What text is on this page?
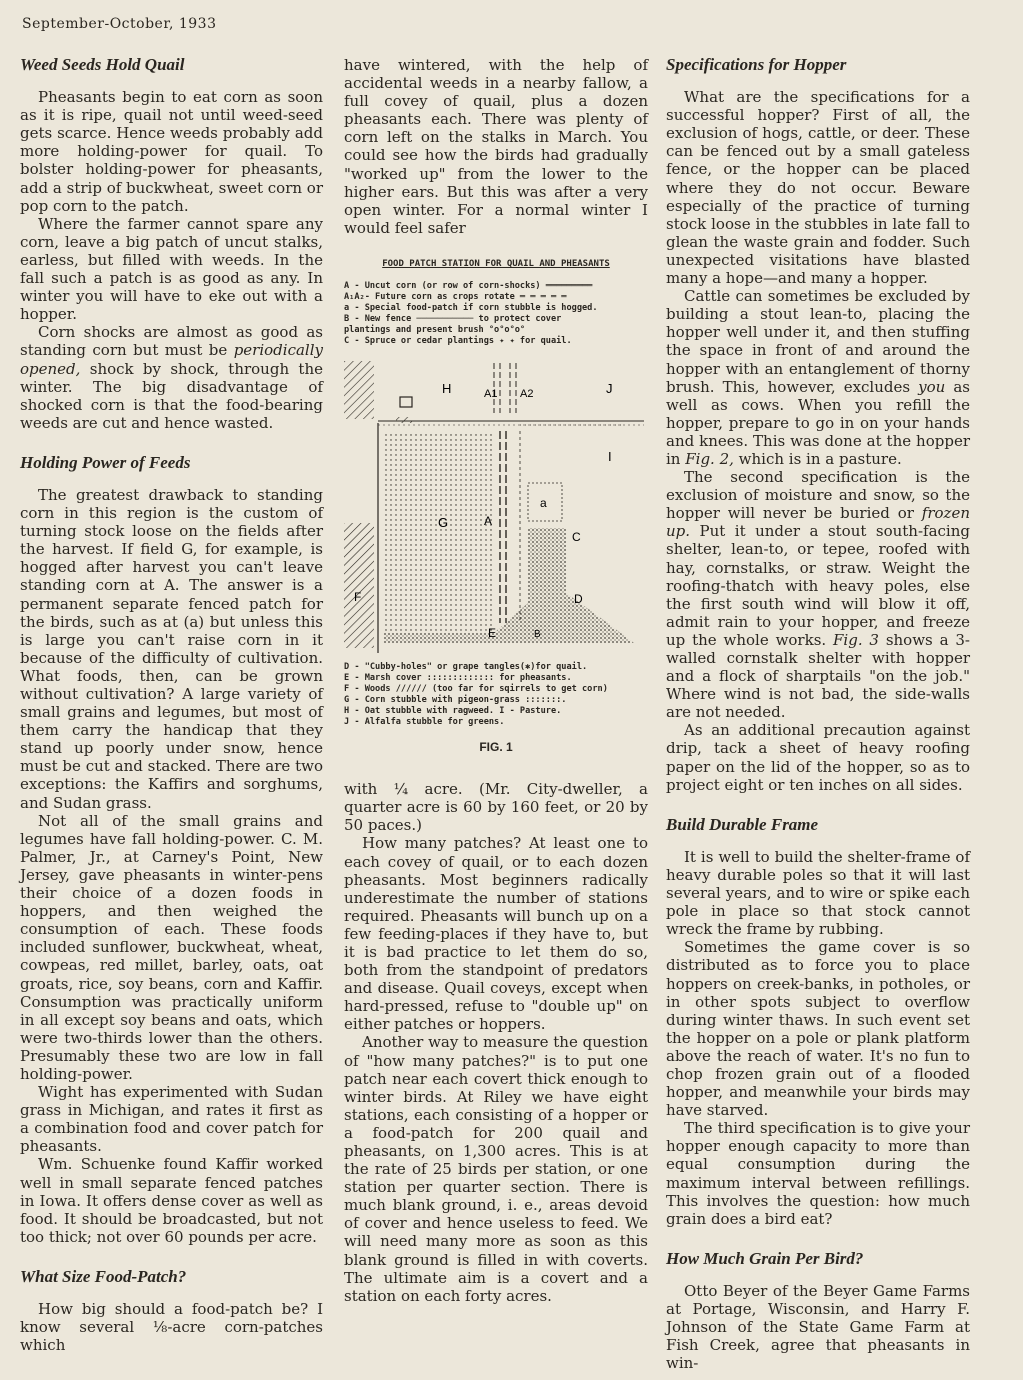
September-October, 1933
Weed Seeds Hold Quail

Pheasants begin to eat corn as soon as it is ripe, quail not until weed-seed gets scarce. Hence weeds probably add more holding-power for quail. To bolster holding-power for pheasants, add a strip of buckwheat, sweet corn or pop corn to the patch.

Where the farmer cannot spare any corn, leave a big patch of uncut stalks, earless, but filled with weeds. In the fall such a patch is as good as any. In winter you will have to eke out with a hopper.

Corn shocks are almost as good as standing corn but must be periodically opened, shock by shock, through the winter. The big disadvantage of shocked corn is that the food-bearing weeds are cut and hence wasted.

Holding Power of Feeds

The greatest drawback to standing corn in this region is the custom of turning stock loose on the fields after the harvest. If field G, for example, is hogged after harvest you can't leave standing corn at A. The answer is a permanent separate fenced patch for the birds, such as at (a) but unless this is large you can't raise corn in it because of the difficulty of cultivation. What foods, then, can be grown without cultivation? A large variety of small grains and legumes, but most of them carry the handicap that they stand up poorly under snow, hence must be cut and stacked. There are two exceptions: the Kaffirs and sorghums, and Sudan grass.

Not all of the small grains and legumes have fall holding-power. C. M. Palmer, Jr., at Carney's Point, New Jersey, gave pheasants in winter-pens their choice of a dozen foods in hoppers, and then weighed the consumption of each. These foods included sunflower, buckwheat, wheat, cowpeas, red millet, barley, oats, oat groats, rice, soy beans, corn and Kaffir. Consumption was practically uniform in all except soy beans and oats, which were two-thirds lower than the others. Presumably these two are low in fall holding-power.

Wight has experimented with Sudan grass in Michigan, and rates it first as a combination food and cover patch for pheasants.

Wm. Schuenke found Kaffir worked well in small separate fenced patches in Iowa. It offers dense cover as well as food. It should be broadcasted, but not too thick; not over 60 pounds per acre.

What Size Food-Patch?

How big should a food-patch be? I know several ⅛-acre corn-patches which

have wintered, with the help of accidental weeds in a nearby fallow, a full covey of quail, plus a dozen pheasants each. There was plenty of corn left on the stalks in March. You could see how the birds had gradually "worked up" from the lower to the higher ears. But this was after a very open winter. For a normal winter I would feel safer

FOOD PATCH STATION FOR QUAIL AND PHEASANTS
A - Uncut corn (or row of corn-shocks) ═════════
A₁A₂- Future corn as crops rotate ═ ═ ═ ═ ═
a - Special food-patch if corn stubble is hogged.
B - New fence ─────────── to protect cover
plantings and present brush °o°o°o°
C - Spruce or cedar plantings ✦ ✦ for quail.
H	A1 A2	J
I
a
G	A
C
F	D
E	B
D - "Cubby-holes" or grape tangles(✱)for quail.
E - Marsh cover ::::::::::::: for pheasants.
F - Woods ////// (too far for sqirrels to get corn)
G - Corn stubble with pigeon-grass :::::::.
H - Oat stubble with ragweed. I - Pasture.
J - Alfalfa stubble for greens.
FIG. 1

with ¼ acre. (Mr. City-dweller, a quarter acre is 60 by 160 feet, or 20 by 50 paces.)

How many patches? At least one to each covey of quail, or to each dozen pheasants. Most beginners radically underestimate the number of stations required. Pheasants will bunch up on a few feeding-places if they have to, but it is bad practice to let them do so, both from the standpoint of predators and disease. Quail coveys, except when hard-pressed, refuse to "double up" on either patches or hoppers.

Another way to measure the question of "how many patches?" is to put one patch near each covert thick enough to winter birds. At Riley we have eight stations, each consisting of a hopper or a food-patch for 200 quail and pheasants, on 1,300 acres. This is at the rate of 25 birds per station, or one station per quarter section. There is much blank ground, i. e., areas devoid of cover and hence useless to feed. We will need many more as soon as this blank ground is filled in with coverts. The ultimate aim is a covert and a station on each forty acres.

Specifications for Hopper

What are the specifications for a successful hopper? First of all, the exclusion of hogs, cattle, or deer. These can be fenced out by a small gateless fence, or the hopper can be placed where they do not occur. Beware especially of the practice of turning stock loose in the stubbles in late fall to glean the waste grain and fodder. Such unexpected visitations have blasted many a hope—and many a hopper.

Cattle can sometimes be excluded by building a stout lean-to, placing the hopper well under it, and then stuffing the space in front of and around the hopper with an entanglement of thorny brush. This, however, excludes you as well as cows. When you refill the hopper, prepare to go in on your hands and knees. This was done at the hopper in Fig. 2, which is in a pasture.

The second specification is the exclusion of moisture and snow, so the hopper will never be buried or frozen up. Put it under a stout south-facing shelter, lean-to, or tepee, roofed with hay, cornstalks, or straw. Weight the roofing-thatch with heavy poles, else the first south wind will blow it off, admit rain to your hopper, and freeze up the whole works. Fig. 3 shows a 3-walled cornstalk shelter with hopper and a flock of sharptails "on the job." Where wind is not bad, the side-walls are not needed.

As an additional precaution against drip, tack a sheet of heavy roofing paper on the lid of the hopper, so as to project eight or ten inches on all sides.

Build Durable Frame

It is well to build the shelter-frame of heavy durable poles so that it will last several years, and to wire or spike each pole in place so that stock cannot wreck the frame by rubbing.

Sometimes the game cover is so distributed as to force you to place hoppers on creek-banks, in potholes, or in other spots subject to overflow during winter thaws. In such event set the hopper on a pole or plank platform above the reach of water. It's no fun to chop frozen grain out of a flooded hopper, and meanwhile your birds may have starved.

The third specification is to give your hopper enough capacity to more than equal consumption during the maximum interval between refillings. This involves the question: how much grain does a bird eat?

How Much Grain Per Bird?

Otto Beyer of the Beyer Game Farms at Portage, Wisconsin, and Harry F. Johnson of the State Game Farm at Fish Creek, agree that pheasants in win-
